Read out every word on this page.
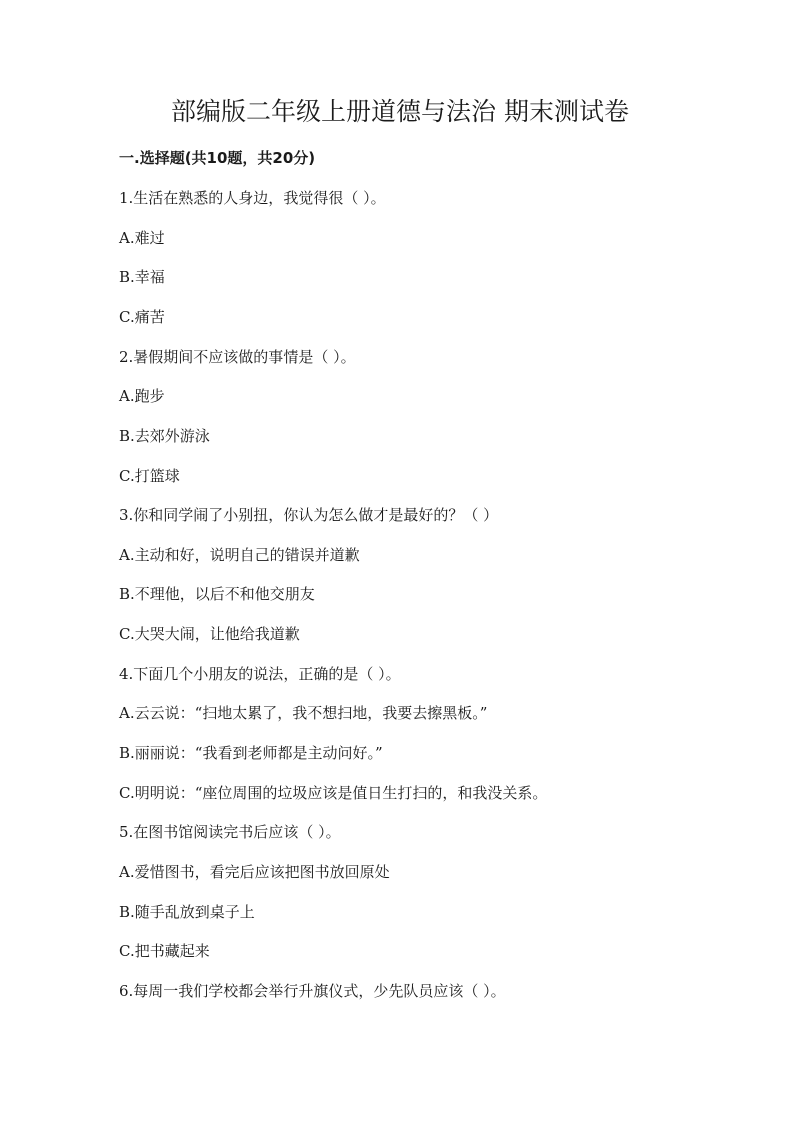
部编版二年级上册道德与法治 期末测试卷
一.选择题(共10题，共20分)
1.生活在熟悉的人身边，我觉得很（ ）。
A.难过
B.幸福
C.痛苦
2.暑假期间不应该做的事情是（ ）。
A.跑步
B.去郊外游泳
C.打篮球
3.你和同学闹了小别扭，你认为怎么做才是最好的？（ ）
A.主动和好，说明自己的错误并道歉
B.不理他，以后不和他交朋友
C.大哭大闹，让他给我道歉
4.下面几个小朋友的说法，正确的是（ ）。
A.云云说：“扫地太累了，我不想扫地，我要去擦黑板。”
B.丽丽说：“我看到老师都是主动问好。”
C.明明说：“座位周围的垃圾应该是值日生打扫的，和我没关系。
5.在图书馆阅读完书后应该（ ）。
A.爱惜图书，看完后应该把图书放回原处
B.随手乱放到桌子上
C.把书藏起来
6.每周一我们学校都会举行升旗仪式，少先队员应该（ ）。
